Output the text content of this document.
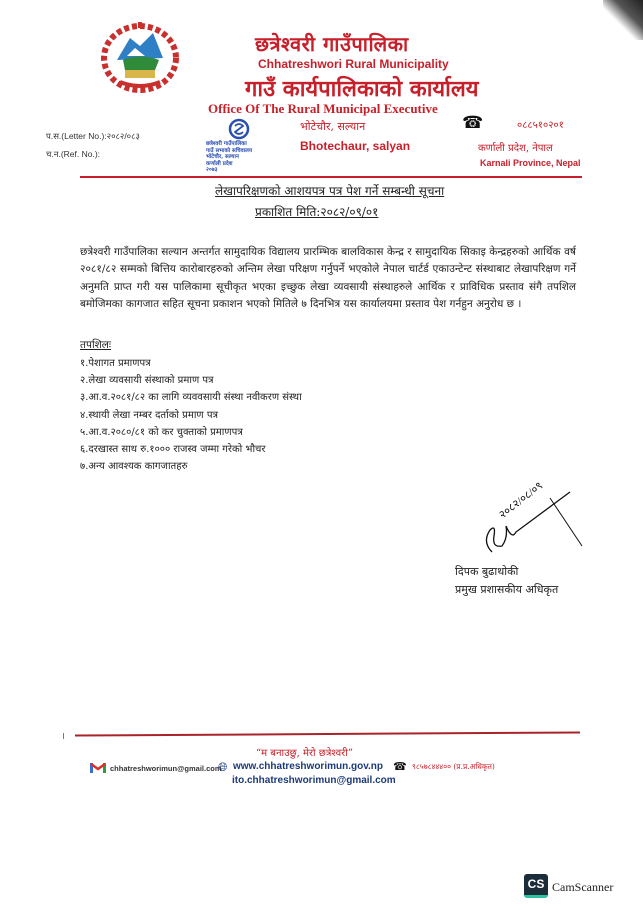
छत्रेश्वरी गाउँपालिका
Chhatreshwori Rural Municipality
गाउँ कार्यपालिकाको कार्यालय
Office Of The Rural Municipal Executive
भोटेचौर, सल्यान
Bhotechaur, salyan
☎	०८८५१०२०१
कर्णाली प्रदेश, नेपाल
Karnali Province, Nepal
प.स.(Letter No.):२०८२/०८३
च.न.(Ref. No.):
छत्रेश्वरी गाउँपालिका
गाउँ सभाको सचिवालय
भोटेचौर, सल्यान
कर्णाली प्रदेश
२०७३
लेखापरिक्षणको आशयपत्र पत्र पेश गर्ने सम्बन्धी सूचना
प्रकाशित मिति:२०८२/०९/०१
छत्रेश्वरी गाउँपालिका सल्यान अन्तर्गत सामुदायिक विद्यालय प्रारम्भिक बालविकास केन्द्र र सामुदायिक सिकाइ केन्द्रहरुको आर्थिक वर्ष २०८१/८२ सम्मको बित्तिय कारोबारहरुको अन्तिम लेखा परिक्षण गर्नुपर्ने भएकोले नेपाल चार्टर्ड एकाउन्टेन्ट संस्थाबाट लेखापरिक्षण गर्ने अनुमति प्राप्त गरी यस पालिकामा सूचीकृत भएका इच्छुक लेखा व्यवसायी संस्थाहरुले आर्थिक र प्राविधिक प्रस्ताव संगै तपशिल बमोजिमका कागजात सहित सूचना प्रकाशन भएको मितिले ७ दिनभित्र यस कार्यालयमा प्रस्ताव पेश गर्नहुन अनुरोध छ ।
तपशिलः
१.पेशागत प्रमाणपत्र
२.लेखा व्यवसायी संस्थाको प्रमाण पत्र
३.आ.व.२०८१/८२ का लागि व्यववसायी संस्था नवीकरण संस्था
४.स्थायी लेखा नम्बर दर्ताको प्रमाण पत्र
५.आ.व.२०८०/८१ को कर चुक्ताको प्रमाणपत्र
६.दरखास्त साथ रु.१००० राजस्व जम्मा गरेको भौचर
७.अन्य आवश्यक कागजातहरु
२०८२/०८/०९
दिपक बुढाथोकी
प्रमुख प्रशासकीय अधिकृत
“म बनाउछु, मेरो छत्रेश्वरी”
chhatreshworimun@gmail.com
🌐︎ www.chhatreshworimun.gov.np
ito.chhatreshworimun@gmail.com
☎ ९८५७८४४४०० (प्र.प्र.अधिकृत)
CS CamScanner
